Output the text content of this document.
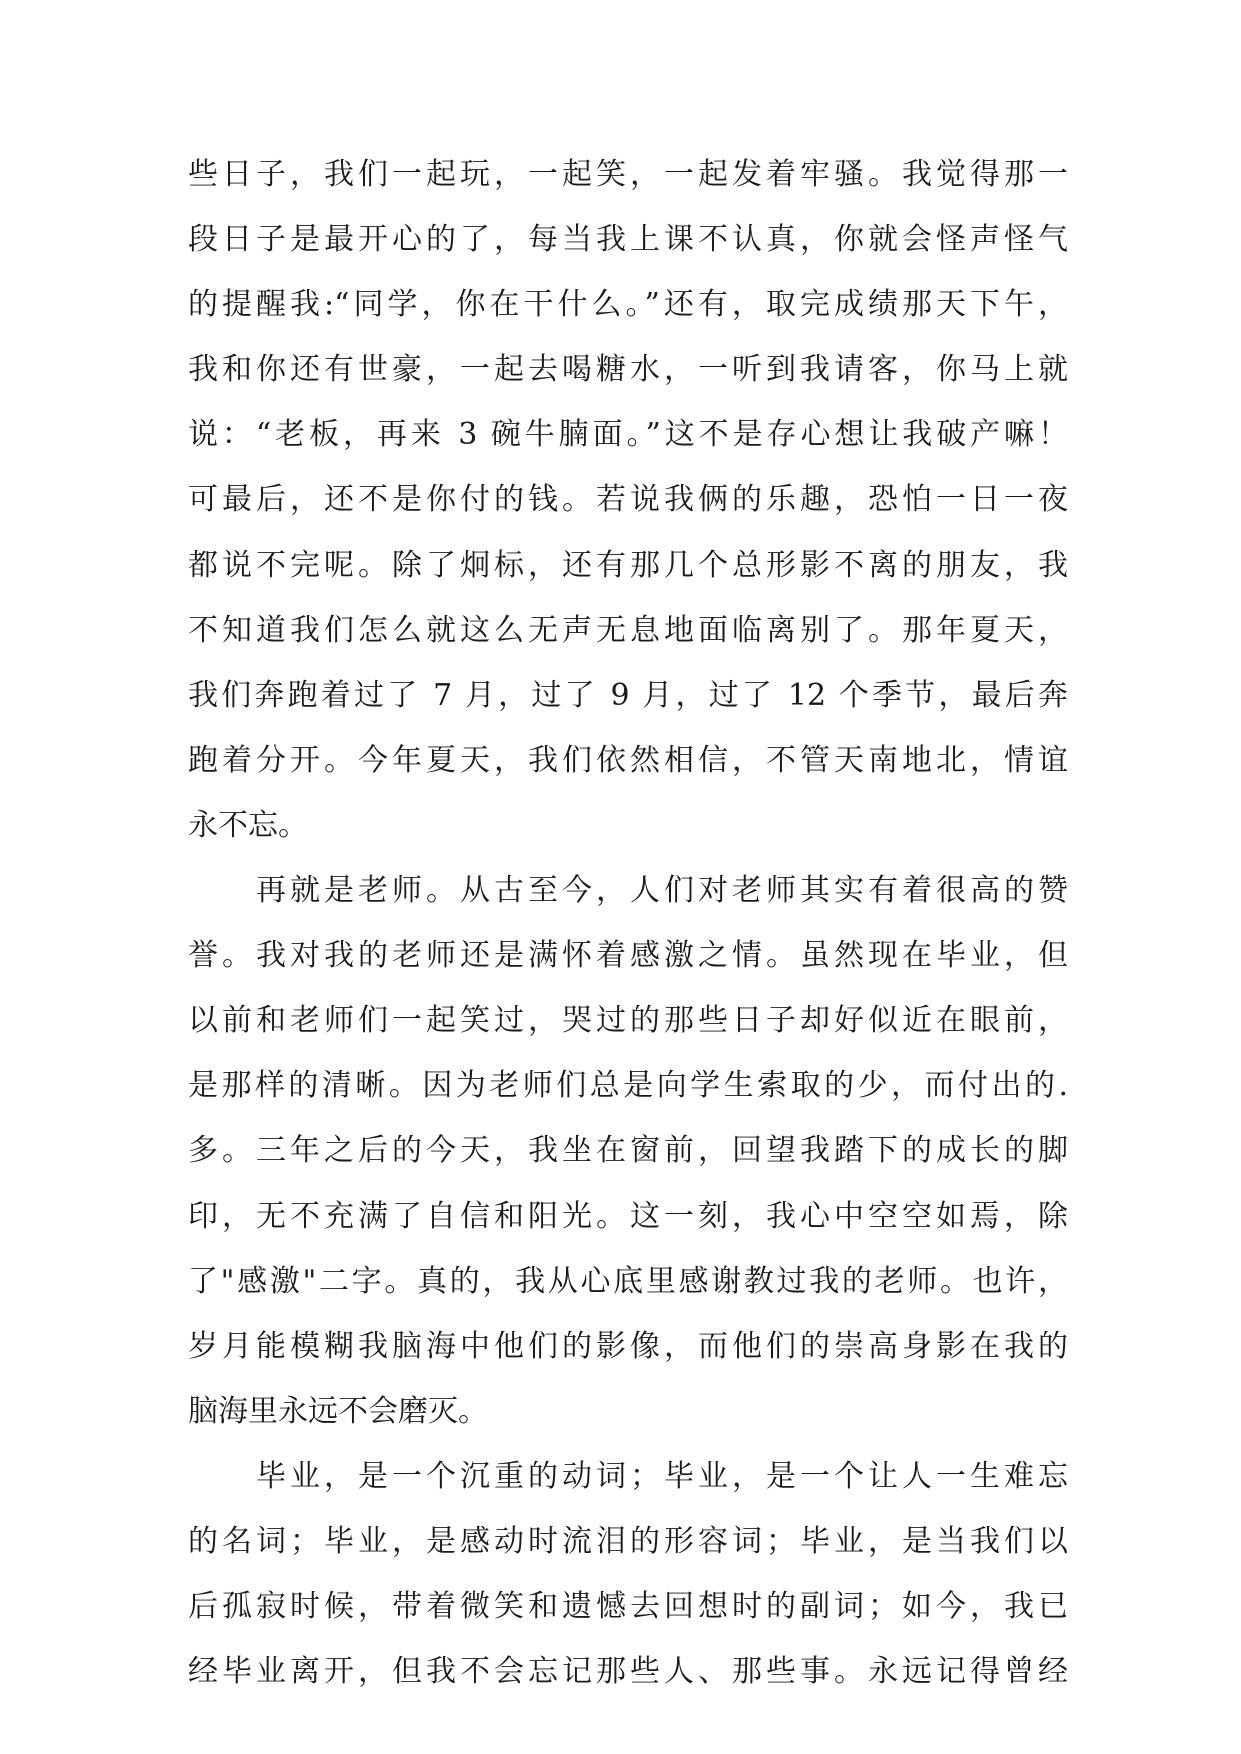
些日子，我们一起玩，一起笑，一起发着牢骚。我觉得那一
段日子是最开心的了，每当我上课不认真，你就会怪声怪气
的提醒我:“同学，你在干什么。”还有，取完成绩那天下午，
我和你还有世豪，一起去喝糖水，一听到我请客，你马上就
说：“老板，再来 3 碗牛腩面。”这不是存心想让我破产嘛！
可最后，还不是你付的钱。若说我俩的乐趣，恐怕一日一夜
都说不完呢。除了炯标，还有那几个总形影不离的朋友，我
不知道我们怎么就这么无声无息地面临离别了。那年夏天，
我们奔跑着过了 7 月，过了 9 月，过了 12 个季节，最后奔
跑着分开。今年夏天，我们依然相信，不管天南地北，情谊
永不忘。
再就是老师。从古至今，人们对老师其实有着很高的赞
誉。我对我的老师还是满怀着感激之情。虽然现在毕业，但
以前和老师们一起笑过，哭过的那些日子却好似近在眼前，
是那样的清晰。因为老师们总是向学生索取的少，而付出的.
多。三年之后的今天，我坐在窗前，回望我踏下的成长的脚
印，无不充满了自信和阳光。这一刻，我心中空空如焉，除
了"感激"二字。真的，我从心底里感谢教过我的老师。也许，
岁月能模糊我脑海中他们的影像，而他们的崇高身影在我的
脑海里永远不会磨灭。
毕业，是一个沉重的动词；毕业，是一个让人一生难忘
的名词；毕业，是感动时流泪的形容词；毕业，是当我们以
后孤寂时候，带着微笑和遗憾去回想时的副词；如今，我已
经毕业离开，但我不会忘记那些人、那些事。永远记得曾经
